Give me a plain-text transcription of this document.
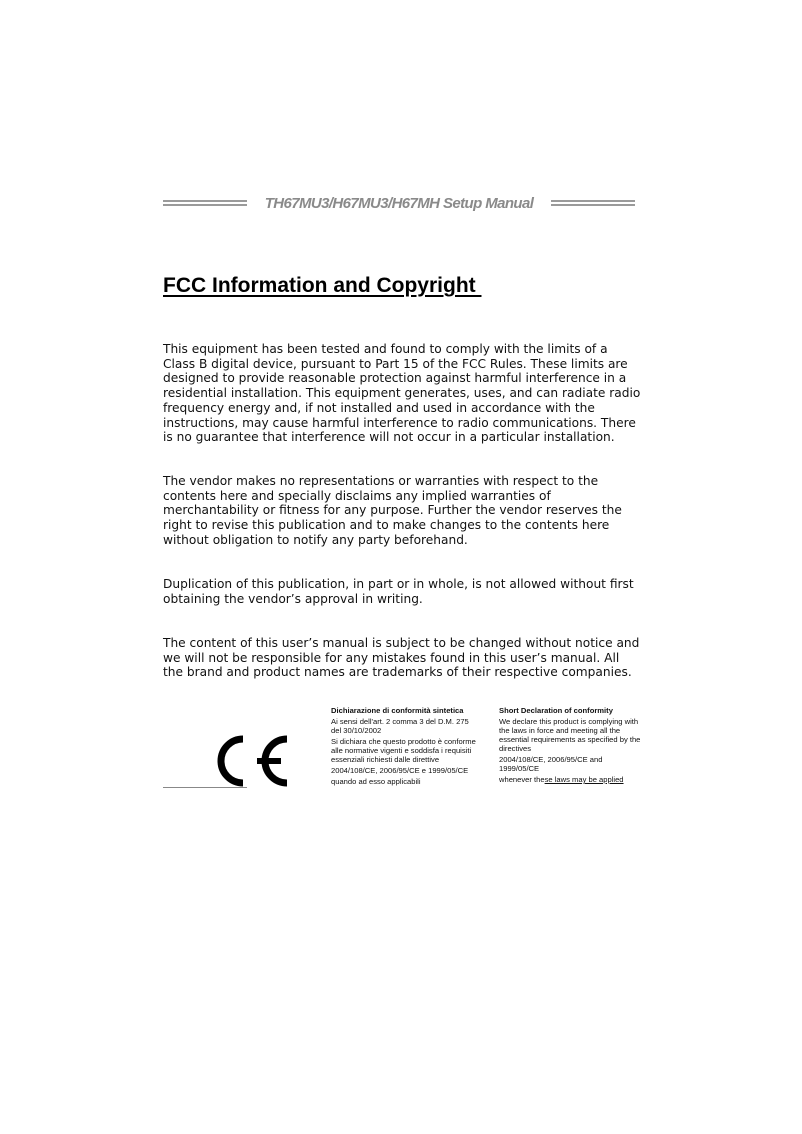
TH67MU3/H67MU3/H67MH Setup Manual
FCC Information and Copyright

This equipment has been tested and found to comply with the limits of a Class B digital device, pursuant to Part 15 of the FCC Rules. These limits are designed to provide reasonable protection against harmful interference in a residential installation. This equipment generates, uses, and can radiate radio frequency energy and, if not installed and used in accordance with the instructions, may cause harmful interference to radio communications. There is no guarantee that interference will not occur in a particular installation.

The vendor makes no representations or warranties with respect to the contents here and specially disclaims any implied warranties of merchantability or fitness for any purpose. Further the vendor reserves the right to revise this publication and to make changes to the contents here without obligation to notify any party beforehand.

Duplication of this publication, in part or in whole, is not allowed without first obtaining the vendor’s approval in writing.

The content of this user’s manual is subject to be changed without notice and we will not be responsible for any mistakes found in this user’s manual. All the brand and product names are trademarks of their respective companies.

Dichiarazione di conformità sintetica

Ai sensi dell'art. 2 comma 3 del D.M. 275 del 30/10/2002

Si dichiara che questo prodotto è conforme alle normative vigenti e soddisfa i requisiti essenziali richiesti dalle direttive

2004/108/CE, 2006/95/CE e 1999/05/CE

quando ad esso applicabili

Short Declaration of conformity

We declare this product is complying with the laws in force and meeting all the essential requirements as specified by the directives

2004/108/CE, 2006/95/CE and 1999/05/CE

whenever these laws may be applied
